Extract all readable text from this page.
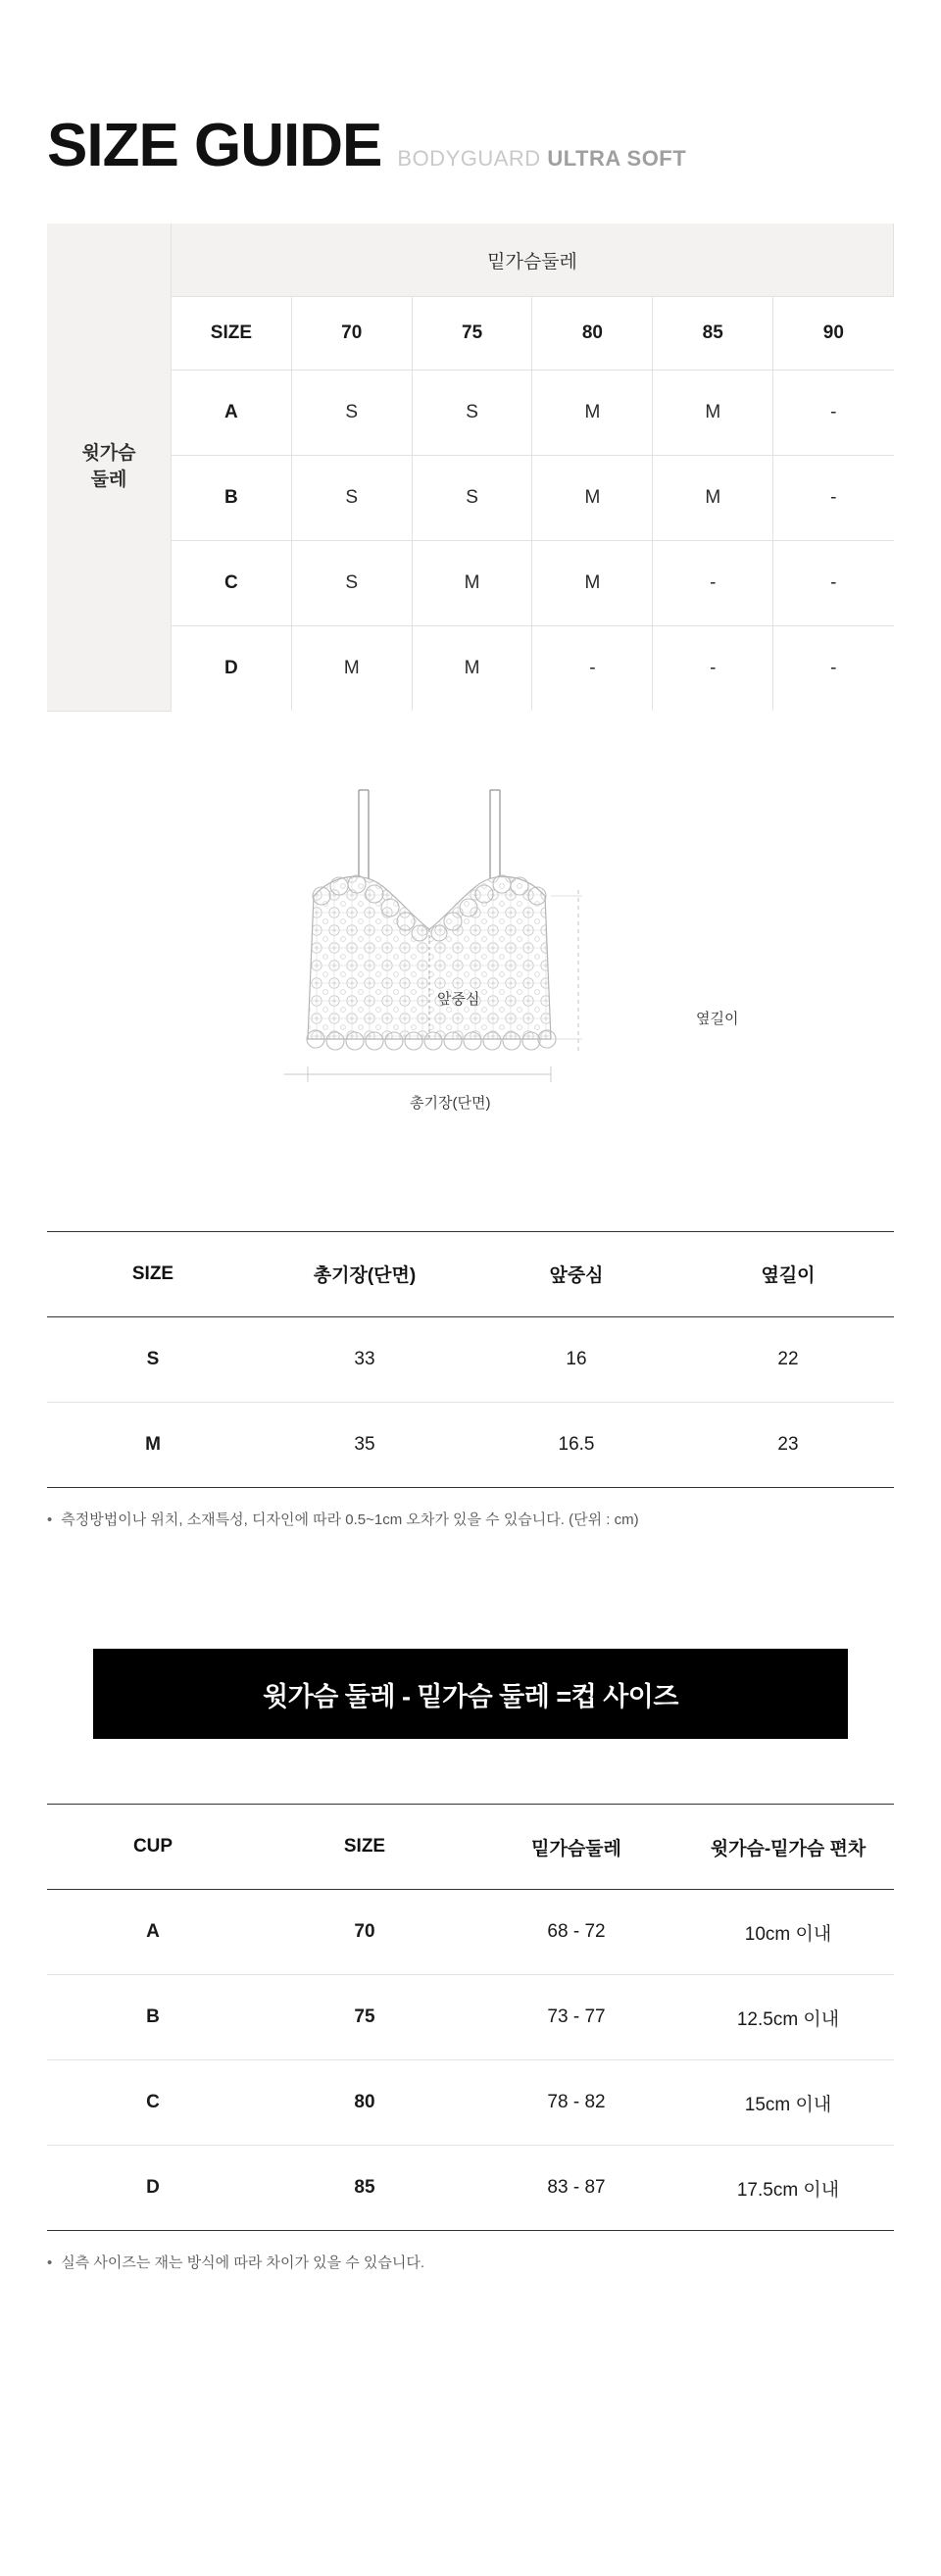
SIZE GUIDE BODYGUARD ULTRA SOFT
윗가슴
둘레	밑가슴둘레					
	SIZE	70	75	80	85	90
	A	S	S	M	M	-
	B	S	S	M	M	-
	C	S	M	M	-	-
	D	M	M	-	-	-
앞중심
옆길이
총기장(단면)
SIZE	총기장(단면)	앞중심	옆길이
S	33	16	22
M	35	16.5	23
• 측정방법이나 위치, 소재특성, 디자인에 따라 0.5~1cm 오차가 있을 수 있습니다. (단위 : cm)
윗가슴 둘레 - 밑가슴 둘레 =컵 사이즈
CUP	SIZE	밑가슴둘레	윗가슴-밑가슴 편차
A	70	68 - 72	10cm 이내
B	75	73 - 77	12.5cm 이내
C	80	78 - 82	15cm 이내
D	85	83 - 87	17.5cm 이내
• 실측 사이즈는 재는 방식에 따라 차이가 있을 수 있습니다.
